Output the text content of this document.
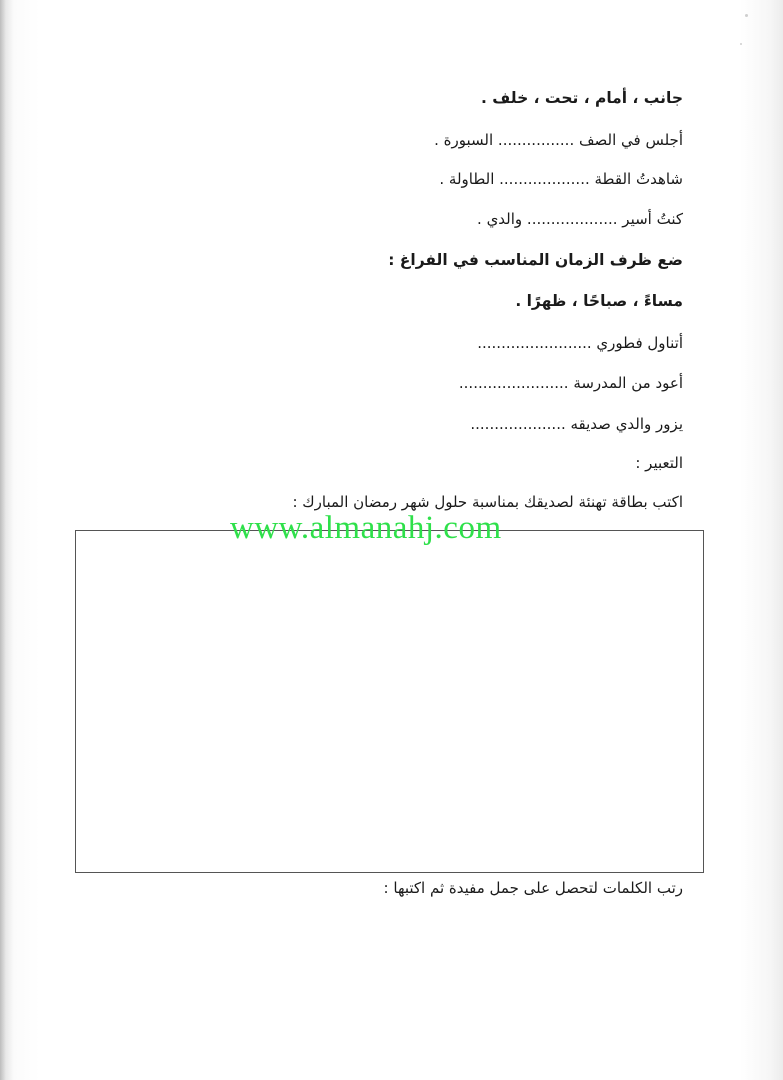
جانب ، أمام ، تحت ، خلف .
أجلس في الصف ................ السبورة .
شاهدتُ القطة ................... الطاولة .
كنتُ أسير ................... والدي .
ضع ظرف الزمان المناسب في الفراغ :
مساءً ، صباحًا ، ظهرًا .
أتناول فطوري ........................
أعود من المدرسة .......................
يزور والدي صديقه ....................
التعبير :
اكتب بطاقة تهنئة لصديقك بمناسبة حلول شهر رمضان المبارك :
www.almanahj.com
رتب الكلمات لتحصل على جمل مفيدة ثم اكتبها :
